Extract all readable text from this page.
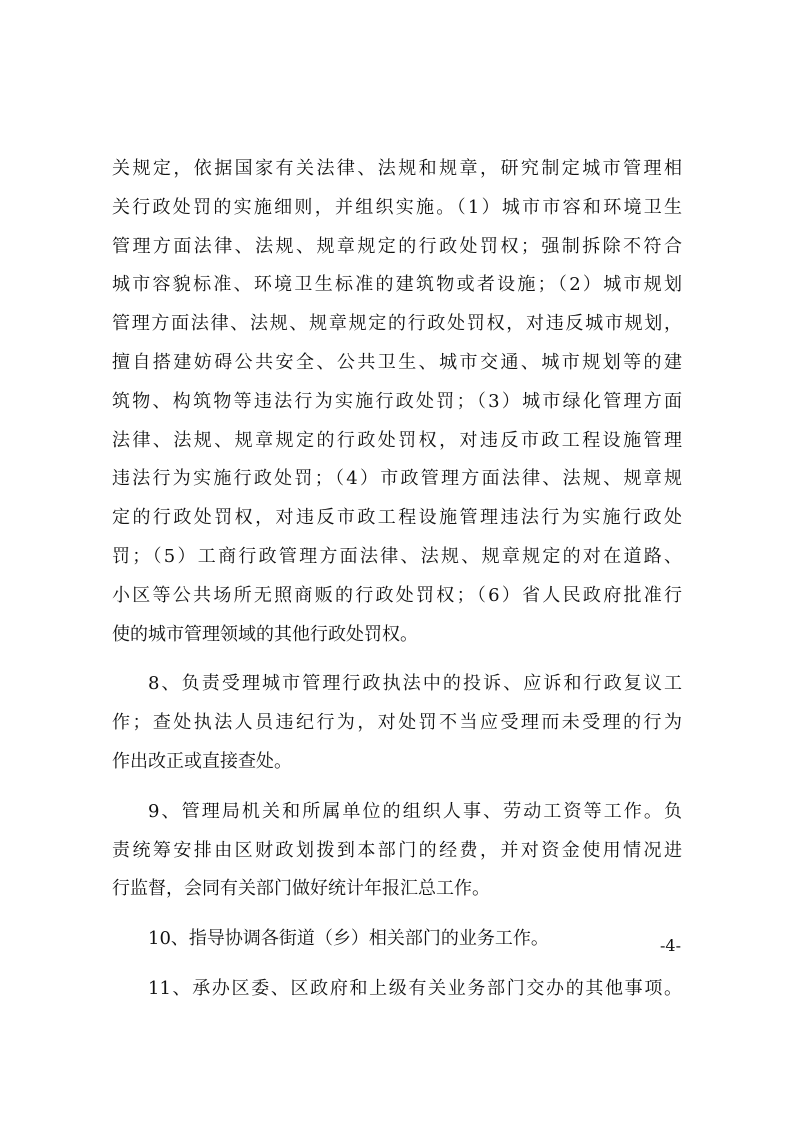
关规定，依据国家有关法律、法规和规章，研究制定城市管理相
关行政处罚的实施细则，并组织实施。（1）城市市容和环境卫生
管理方面法律、法规、规章规定的行政处罚权；强制拆除不符合
城市容貌标准、环境卫生标准的建筑物或者设施；（2）城市规划
管理方面法律、法规、规章规定的行政处罚权，对违反城市规划，
擅自搭建妨碍公共安全、公共卫生、城市交通、城市规划等的建
筑物、构筑物等违法行为实施行政处罚；（3）城市绿化管理方面
法律、法规、规章规定的行政处罚权，对违反市政工程设施管理
违法行为实施行政处罚；（4）市政管理方面法律、法规、规章规
定的行政处罚权，对违反市政工程设施管理违法行为实施行政处
罚；（5）工商行政管理方面法律、法规、规章规定的对在道路、
小区等公共场所无照商贩的行政处罚权；（6）省人民政府批准行
使的城市管理领域的其他行政处罚权。
8、负责受理城市管理行政执法中的投诉、应诉和行政复议工
作；查处执法人员违纪行为，对处罚不当应受理而未受理的行为
作出改正或直接查处。
9、管理局机关和所属单位的组织人事、劳动工资等工作。负
责统筹安排由区财政划拨到本部门的经费，并对资金使用情况进
行监督，会同有关部门做好统计年报汇总工作。
10、指导协调各街道（乡）相关部门的业务工作。
11、承办区委、区政府和上级有关业务部门交办的其他事项。
-4-
